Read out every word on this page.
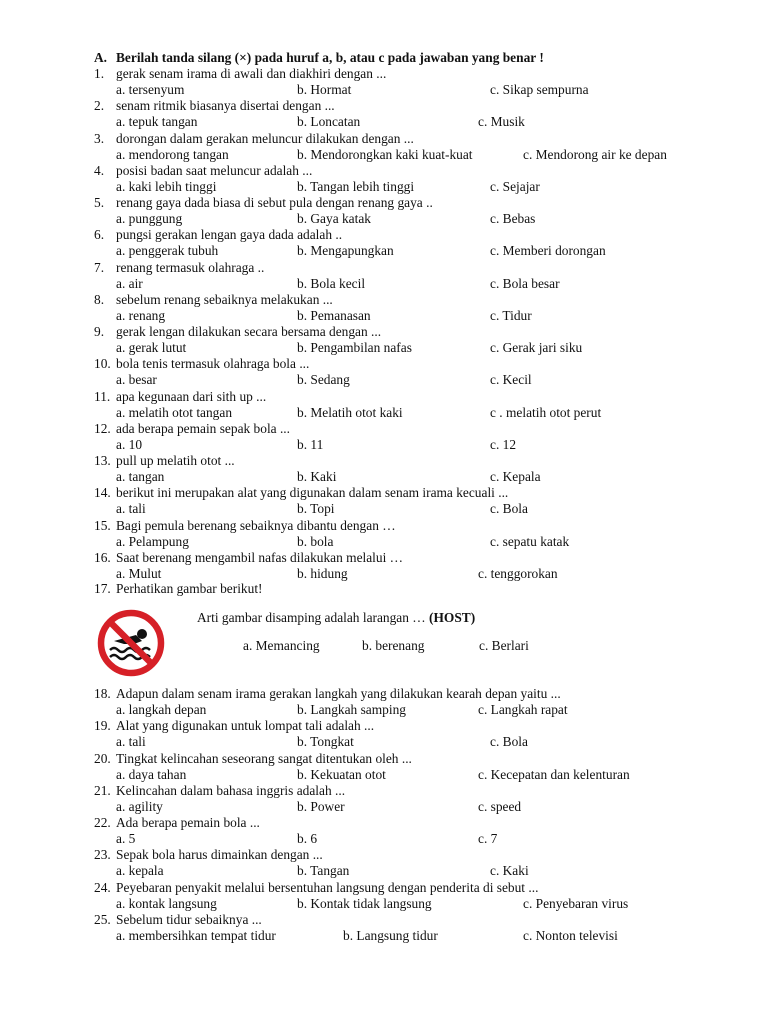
A. Berilah tanda silang (×) pada huruf a, b, atau c pada jawaban yang benar !
1. gerak senam irama di awali dan diakhiri dengan ...
a. tersenyum	b. Hormat	c. Sikap sempurna
2. senam ritmik biasanya disertai dengan ...
a. tepuk tangan	b. Loncatan	c. Musik
3. dorongan dalam gerakan meluncur dilakukan dengan ...
a. mendorong tangan	b. Mendorongkan kaki kuat-kuat	c. Mendorong air ke depan
4. posisi badan saat meluncur adalah ...
a. kaki lebih tinggi	b. Tangan lebih tinggi	c. Sejajar
5. renang gaya dada biasa di sebut pula dengan renang gaya ..
a. punggung	b. Gaya katak	c. Bebas
6. pungsi gerakan lengan gaya dada adalah ..
a. penggerak tubuh	b. Mengapungkan	c. Memberi dorongan
7. renang termasuk olahraga ..
a. air	b. Bola kecil	c. Bola besar
8. sebelum renang sebaiknya melakukan ...
a. renang	b. Pemanasan	c. Tidur
9. gerak lengan dilakukan secara bersama dengan ...
a. gerak lutut	b. Pengambilan nafas	c. Gerak jari siku
10. bola tenis termasuk olahraga bola ...
a. besar	b. Sedang	c. Kecil
11. apa kegunaan dari sith up ...
a. melatih otot tangan	b. Melatih otot kaki	c . melatih otot perut
12. ada berapa pemain sepak bola ...
a. 10	b. 11	c. 12
13. pull up melatih otot ...
a. tangan	b. Kaki	c. Kepala
14. berikut ini merupakan alat yang digunakan dalam senam irama kecuali ...
a. tali	b. Topi	c. Bola
15. Bagi pemula berenang sebaiknya dibantu dengan …
a. Pelampung	b. bola	c. sepatu katak
16. Saat berenang mengambil nafas dilakukan melalui …
a. Mulut	b. hidung	c. tenggorokan
17. Perhatikan gambar berikut!
Arti gambar disamping adalah larangan … (HOST)
a. Memancing	b. berenang	c. Berlari
18. Adapun dalam senam irama gerakan langkah yang dilakukan kearah depan yaitu ...
a. langkah depan	b. Langkah samping	c. Langkah rapat
19. Alat yang digunakan untuk lompat tali adalah ...
a. tali	b. Tongkat	c. Bola
20. Tingkat kelincahan seseorang sangat ditentukan oleh ...
a. daya tahan	b. Kekuatan otot	c. Kecepatan dan kelenturan
21. Kelincahan dalam bahasa inggris adalah ...
a. agility	b. Power	c. speed
22. Ada berapa pemain bola ...
a. 5	b. 6	c. 7
23. Sepak bola harus dimainkan dengan ...
a. kepala	b. Tangan	c. Kaki
24. Peyebaran penyakit melalui bersentuhan langsung dengan penderita di sebut ...
a. kontak langsung	b. Kontak tidak langsung	c. Penyebaran virus
25. Sebelum tidur sebaiknya ...
a. membersihkan tempat tidur	b. Langsung tidur	c. Nonton televisi
